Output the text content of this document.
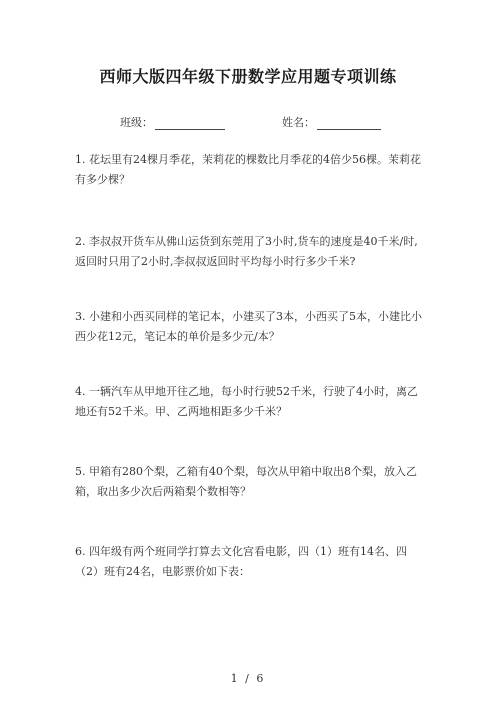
西师大版四年级下册数学应用题专项训练
班级：	姓名：
1. 花坛里有24棵月季花，茉莉花的棵数比月季花的4倍少56棵。茉莉花有多少棵？
2. 李叔叔开货车从佛山运货到东莞用了3小时,货车的速度是40千米/时,返回时只用了2小时,李叔叔返回时平均每小时行多少千米?
3. 小建和小西买同样的笔记本，小建买了3本，小西买了5本，小建比小西少花12元，笔记本的单价是多少元/本？
4. 一辆汽车从甲地开往乙地，每小时行驶52千米，行驶了4小时，离乙地还有52千米。甲、乙两地相距多少千米？
5. 甲箱有280个梨，乙箱有40个梨，每次从甲箱中取出8个梨，放入乙箱，取出多少次后两箱梨个数相等？
6. 四年级有两个班同学打算去文化宫看电影，四（1）班有14名、四（2）班有24名，电影票价如下表：
1 / 6
